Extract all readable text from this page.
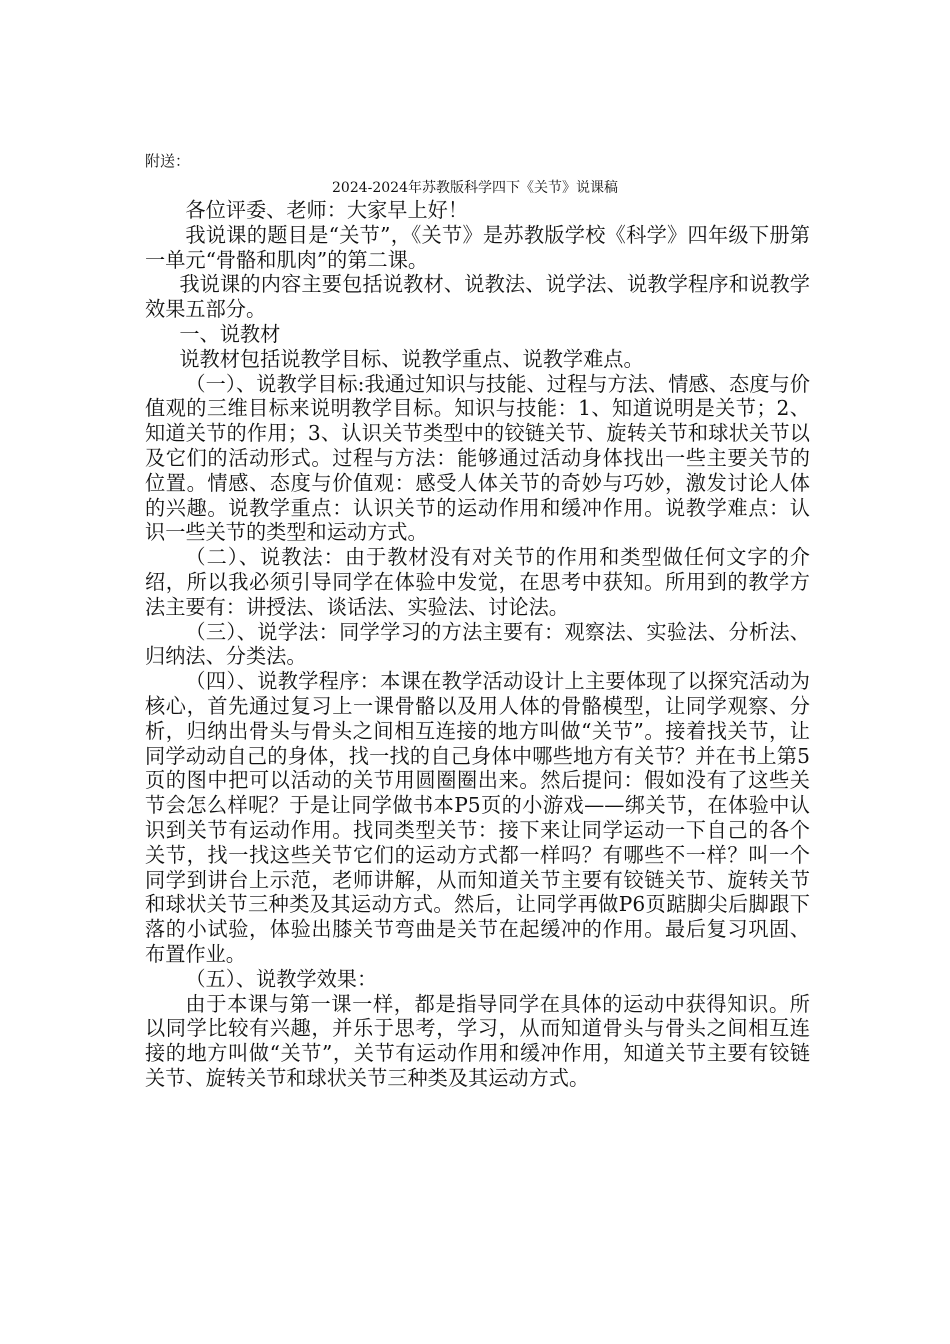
附送：
2024-2024年苏教版科学四下《关节》说课稿

各位评委、老师：大家早上好！

我说课的题目是“关节”，《关节》是苏教版学校《科学》四年级下册第一单元“骨骼和肌肉”的第二课。

我说课的内容主要包括说教材、说教法、说学法、说教学程序和说教学效果五部分。

一、说教材

说教材包括说教学目标、说教学重点、说教学难点。

（一）、说教学目标:我通过知识与技能、过程与方法、情感、态度与价值观的三维目标来说明教学目标。知识与技能：1、知道说明是关节；2、知道关节的作用；3、认识关节类型中的铰链关节、旋转关节和球状关节以及它们的活动形式。过程与方法：能够通过活动身体找出一些主要关节的位置。情感、态度与价值观：感受人体关节的奇妙与巧妙，激发讨论人体的兴趣。说教学重点：认识关节的运动作用和缓冲作用。说教学难点：认识一些关节的类型和运动方式。

（二）、说教法：由于教材没有对关节的作用和类型做任何文字的介绍，所以我必须引导同学在体验中发觉，在思考中获知。所用到的教学方法主要有：讲授法、谈话法、实验法、讨论法。

（三）、说学法：同学学习的方法主要有：观察法、实验法、分析法、归纳法、分类法。

（四）、说教学程序：本课在教学活动设计上主要体现了以探究活动为核心，首先通过复习上一课骨骼以及用人体的骨骼模型，让同学观察、分析，归纳出骨头与骨头之间相互连接的地方叫做“关节”。接着找关节，让同学动动自己的身体，找一找的自己身体中哪些地方有关节？并在书上第5页的图中把可以活动的关节用圆圈圈出来。然后提问：假如没有了这些关节会怎么样呢？于是让同学做书本P5页的小游戏——绑关节，在体验中认识到关节有运动作用。找同类型关节：接下来让同学运动一下自己的各个关节，找一找这些关节它们的运动方式都一样吗？有哪些不一样？叫一个同学到讲台上示范，老师讲解，从而知道关节主要有铰链关节、旋转关节和球状关节三种类及其运动方式。然后，让同学再做P6页踮脚尖后脚跟下落的小试验，体验出膝关节弯曲是关节在起缓冲的作用。最后复习巩固、布置作业。

（五）、说教学效果：

由于本课与第一课一样，都是指导同学在具体的运动中获得知识。所以同学比较有兴趣，并乐于思考，学习，从而知道骨头与骨头之间相互连接的地方叫做“关节”，关节有运动作用和缓冲作用，知道关节主要有铰链关节、旋转关节和球状关节三种类及其运动方式。
